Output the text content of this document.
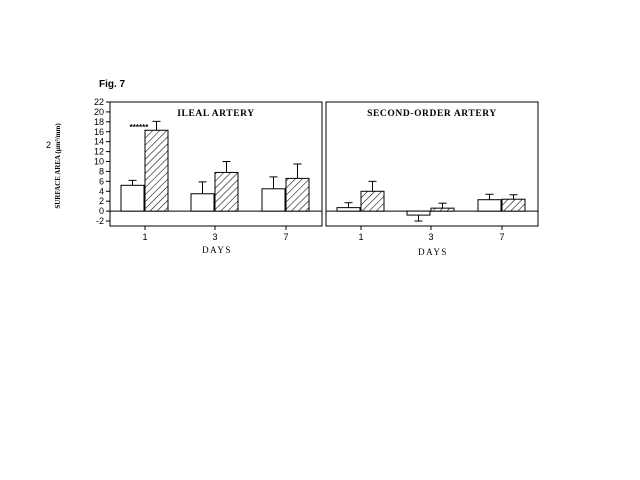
Fig. 7
SURFACE AREA (µm²/mm)
2
ILEAL ARTERY
-2
0
2
4
6
8
10
12
14
16
18
20
22
1	3	7
DAYS
******
SECOND-ORDER ARTERY
1	3	7
DAYS
